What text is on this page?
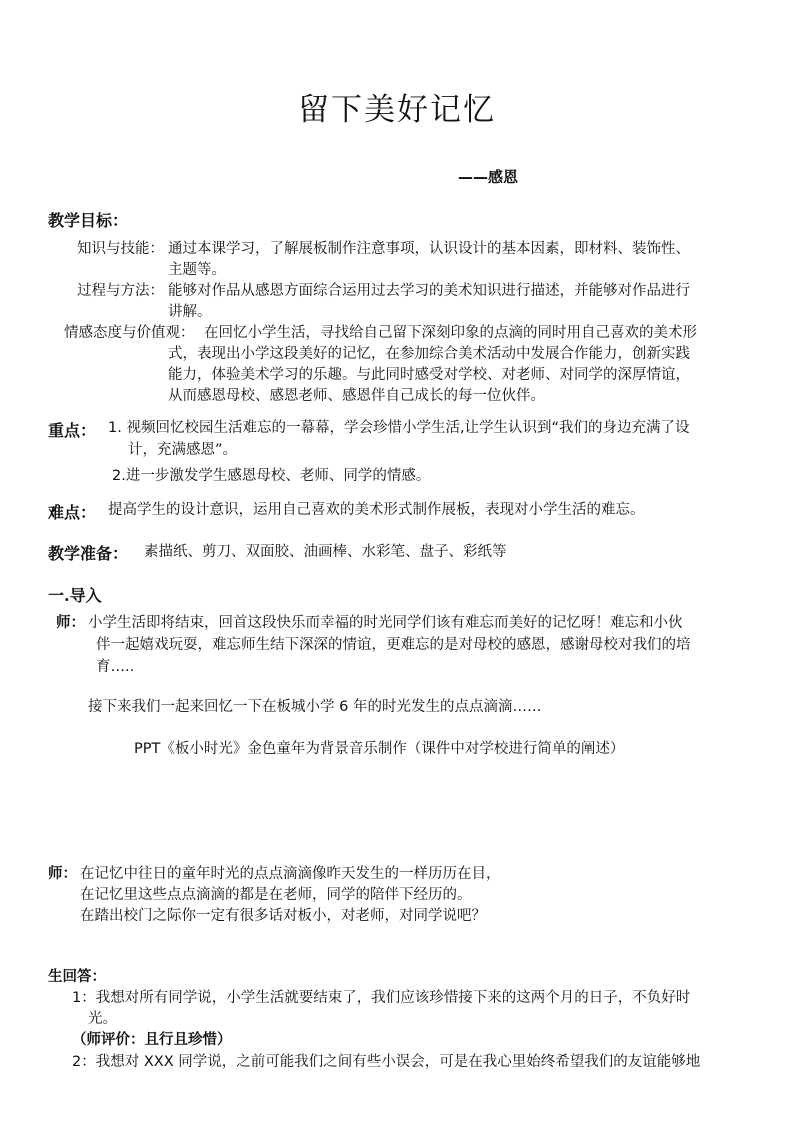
留下美好记忆
——感恩
教学目标：
知识与技能： 通过本课学习，了解展板制作注意事项，认识设计的基本因素，即材料、装饰性、
主题等。
过程与方法： 能够对作品从感恩方面综合运用过去学习的美术知识进行描述，并能够对作品进行
讲解。
情感态度与价值观： 在回忆小学生活，寻找给自己留下深刻印象的点滴的同时用自己喜欢的美术形
式，表现出小学这段美好的记忆，在参加综合美术活动中发展合作能力，创新实践
能力，体验美术学习的乐趣。与此同时感受对学校、对老师、对同学的深厚情谊，
从而感恩母校、感恩老师、感恩伴自己成长的每一位伙伴。
重点： 1. 视频回忆校园生活难忘的一幕幕，学会珍惜小学生活,让学生认识到“我们的身边充满了设
计，充满感恩”。
2.进一步激发学生感恩母校、老师、同学的情感。
难点： 提高学生的设计意识，运用自己喜欢的美术形式制作展板，表现对小学生活的难忘。
教学准备： 素描纸、剪刀、双面胶、油画棒、水彩笔、盘子、彩纸等
一.导入
师： 小学生活即将结束，回首这段快乐而幸福的时光同学们该有难忘而美好的记忆呀！难忘和小伙
伴一起嬉戏玩耍，难忘师生结下深深的情谊，更难忘的是对母校的感恩，感谢母校对我们的培
育…..
接下来我们一起来回忆一下在板城小学 6 年的时光发生的点点滴滴……
PPT《板小时光》金色童年为背景音乐制作（课件中对学校进行简单的阐述）
师： 在记忆中往日的童年时光的点点滴滴像昨天发生的一样历历在目，
在记忆里这些点点滴滴的都是在老师，同学的陪伴下经历的。
在踏出校门之际你一定有很多话对板小，对老师，对同学说吧？
生回答：
1：我想对所有同学说，小学生活就要结束了，我们应该珍惜接下来的这两个月的日子，不负好时
光。
（师评价：且行且珍惜）
2：我想对 XXX 同学说，之前可能我们之间有些小误会，可是在我心里始终希望我们的友谊能够地
